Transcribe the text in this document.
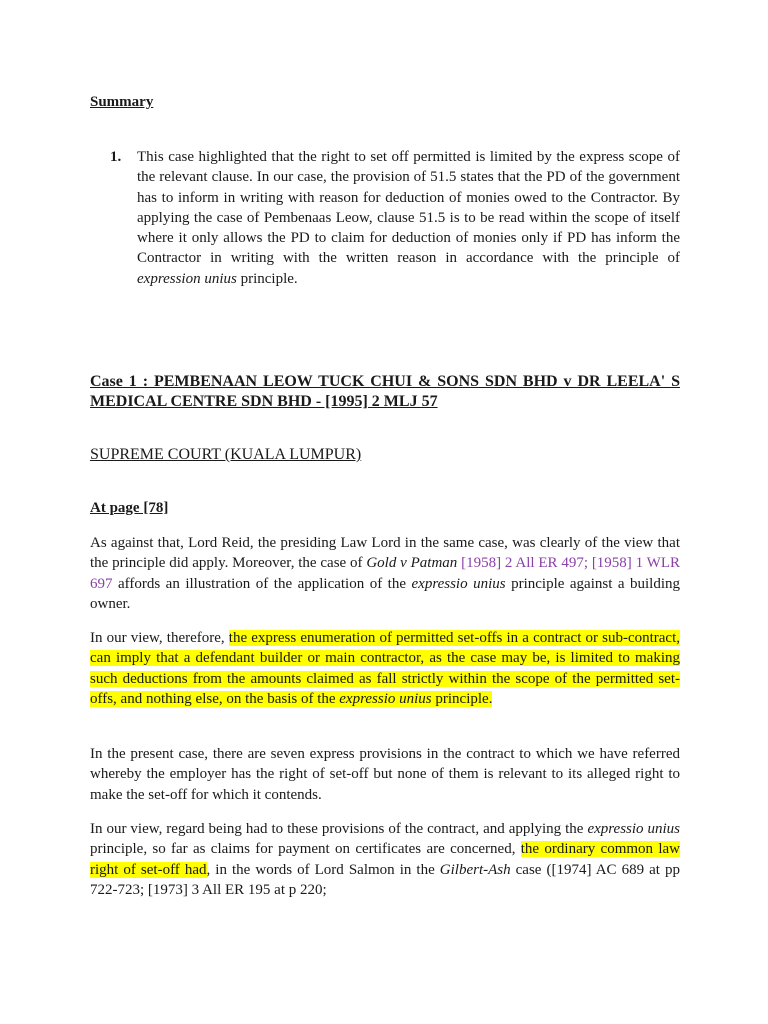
Summary
1. This case highlighted that the right to set off permitted is limited by the express scope of the relevant clause. In our case, the provision of 51.5 states that the PD of the government has to inform in writing with reason for deduction of monies owed to the Contractor. By applying the case of Pembenaas Leow, clause 51.5 is to be read within the scope of itself where it only allows the PD to claim for deduction of monies only if PD has inform the Contractor in writing with the written reason in accordance with the principle of expression unius principle.
Case 1 : PEMBENAAN LEOW TUCK CHUI & SONS SDN BHD v DR LEELA' S MEDICAL CENTRE SDN BHD - [1995] 2 MLJ 57
SUPREME COURT (KUALA LUMPUR)
At page [78]
As against that, Lord Reid, the presiding Law Lord in the same case, was clearly of the view that the principle did apply. Moreover, the case of Gold v Patman [1958] 2 All ER 497; [1958] 1 WLR 697 affords an illustration of the application of the expressio unius principle against a building owner.
In our view, therefore, the express enumeration of permitted set-offs in a contract or sub-contract, can imply that a defendant builder or main contractor, as the case may be, is limited to making such deductions from the amounts claimed as fall strictly within the scope of the permitted set-offs, and nothing else, on the basis of the expressio unius principle.
In the present case, there are seven express provisions in the contract to which we have referred whereby the employer has the right of set-off but none of them is relevant to its alleged right to make the set-off for which it contends.
In our view, regard being had to these provisions of the contract, and applying the expressio unius principle, so far as claims for payment on certificates are concerned, the ordinary common law right of set-off had, in the words of Lord Salmon in the Gilbert-Ash case ([1974] AC 689 at pp 722-723; [1973] 3 All ER 195 at p 220;
